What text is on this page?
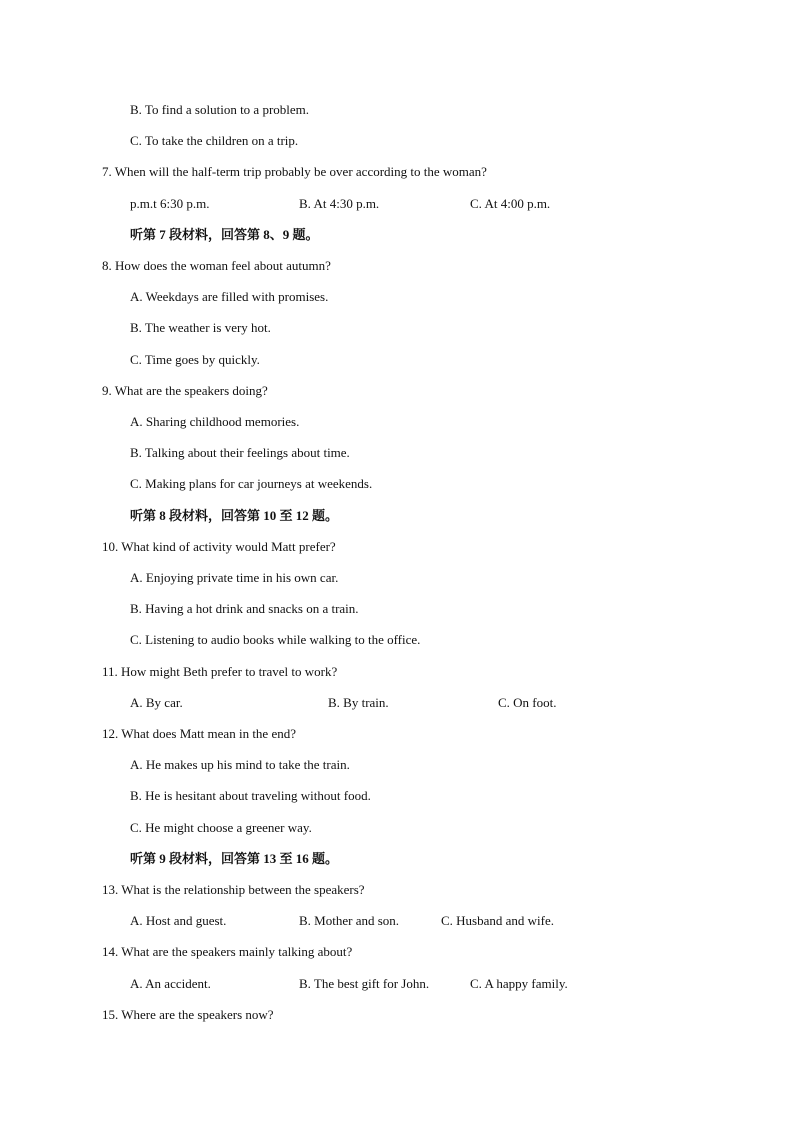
B. To find a solution to a problem.
C. To take the children on a trip.
7. When will the half-term trip probably be over according to the woman?
p.m.t 6:30 p.m.	B. At 4:30 p.m.	C. At 4:00 p.m.
听第 7 段材料，回答第 8、9 题。
8. How does the woman feel about autumn?
A. Weekdays are filled with promises.
B. The weather is very hot.
C. Time goes by quickly.
9. What are the speakers doing?
A. Sharing childhood memories.
B. Talking about their feelings about time.
C. Making plans for car journeys at weekends.
听第 8 段材料，回答第 10 至 12 题。
10. What kind of activity would Matt prefer?
A. Enjoying private time in his own car.
B. Having a hot drink and snacks on a train.
C. Listening to audio books while walking to the office.
11. How might Beth prefer to travel to work?
A. By car.	B. By train.	C. On foot.
12. What does Matt mean in the end?
A. He makes up his mind to take the train.
B. He is hesitant about traveling without food.
C. He might choose a greener way.
听第 9 段材料，回答第 13 至 16 题。
13. What is the relationship between the speakers?
A. Host and guest.	B. Mother and son.	C. Husband and wife.
14. What are the speakers mainly talking about?
A. An accident.	B. The best gift for John.	C. A happy family.
15. Where are the speakers now?
